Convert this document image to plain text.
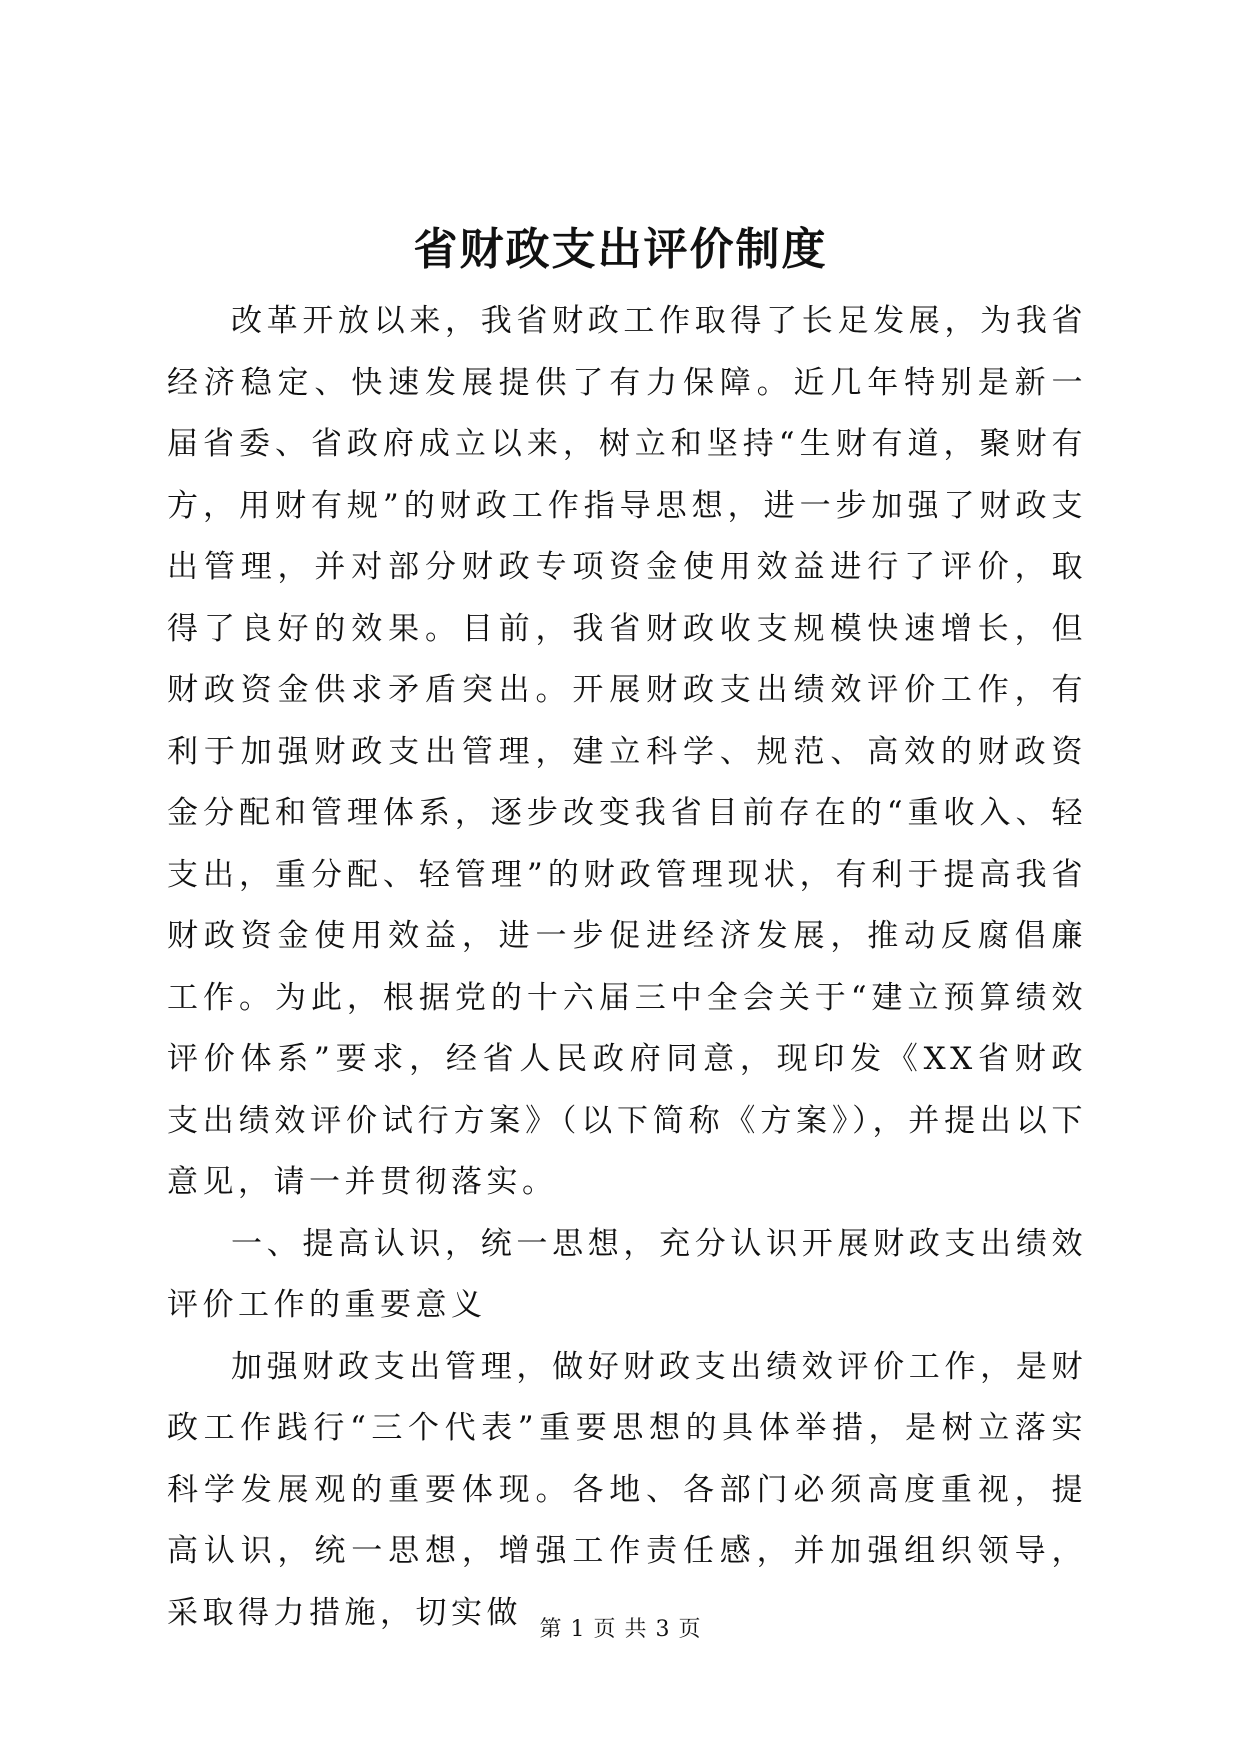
省财政支出评价制度

改革开放以来，我省财政工作取得了长足发展，为我省经济稳定、快速发展提供了有力保障。近几年特别是新一届省委、省政府成立以来，树立和坚持“生财有道，聚财有方，用财有规”的财政工作指导思想，进一步加强了财政支出管理，并对部分财政专项资金使用效益进行了评价，取得了良好的效果。目前，我省财政收支规模快速增长，但财政资金供求矛盾突出。开展财政支出绩效评价工作，有利于加强财政支出管理，建立科学、规范、高效的财政资金分配和管理体系，逐步改变我省目前存在的“重收入、轻支出，重分配、轻管理”的财政管理现状，有利于提高我省财政资金使用效益，进一步促进经济发展，推动反腐倡廉工作。为此，根据党的十六届三中全会关于“建立预算绩效评价体系”要求，经省人民政府同意，现印发《XX省财政支出绩效评价试行方案》（以下简称《方案》），并提出以下意见，请一并贯彻落实。

一、提高认识，统一思想，充分认识开展财政支出绩效评价工作的重要意义

加强财政支出管理，做好财政支出绩效评价工作，是财政工作践行“三个代表”重要思想的具体举措，是树立落实科学发展观的重要体现。各地、各部门必须高度重视，提高认识，统一思想，增强工作责任感，并加强组织领导，采取得力措施，切实做 第 1 页 共 3 页
